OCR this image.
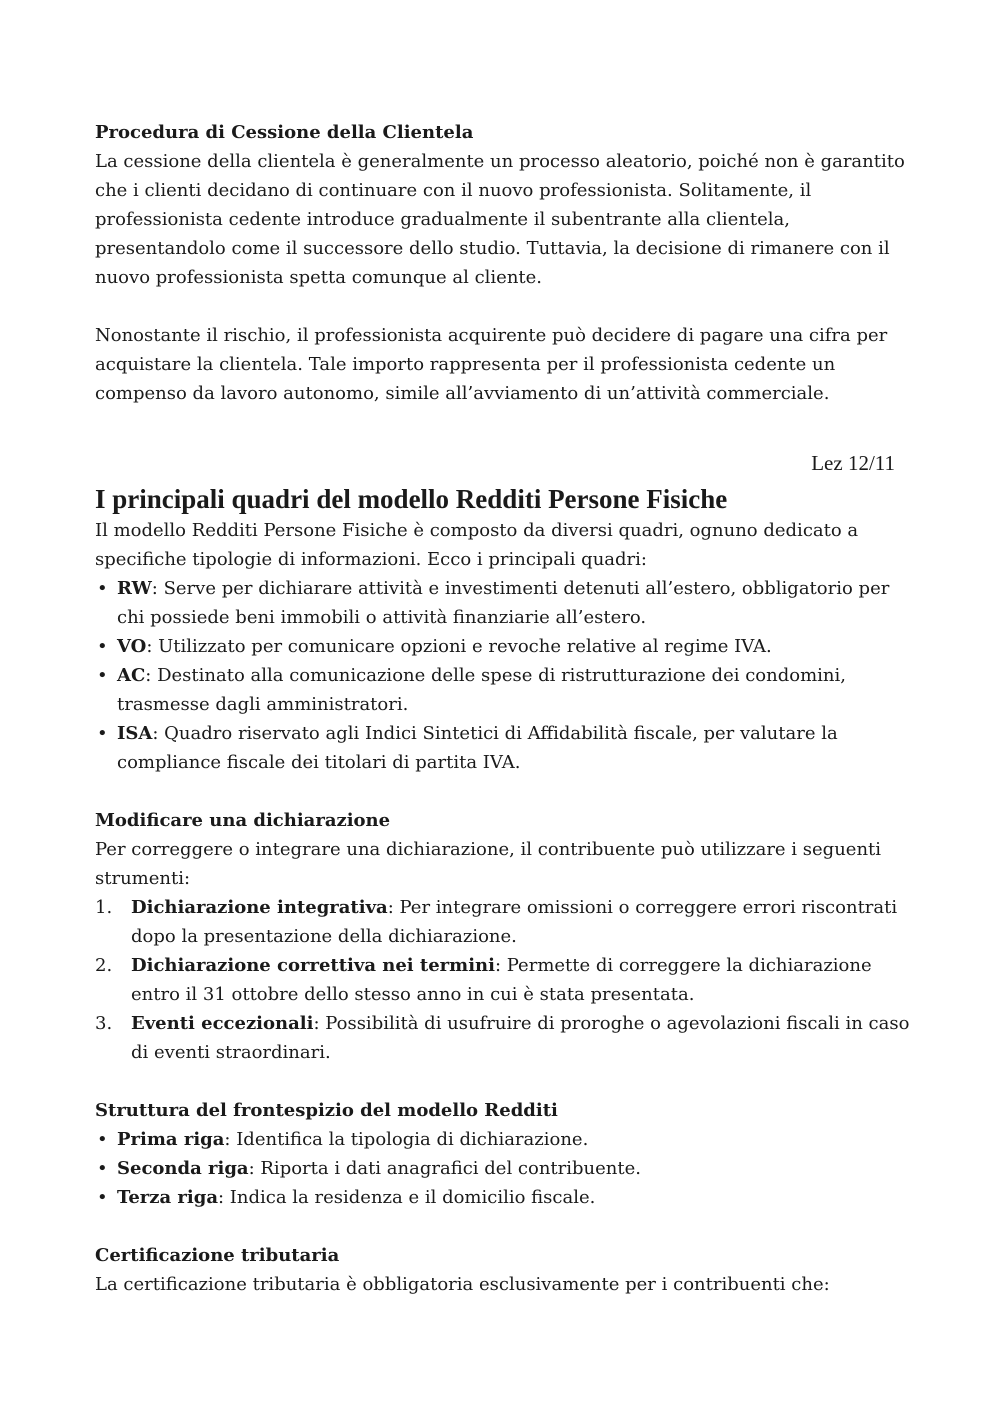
Procedura di Cessione della Clientela

La cessione della clientela è generalmente un processo aleatorio, poiché non è garantito che i clienti decidano di continuare con il nuovo professionista. Solitamente, il professionista cedente introduce gradualmente il subentrante alla clientela, presentandolo come il successore dello studio. Tuttavia, la decisione di rimanere con il nuovo professionista spetta comunque al cliente.

Nonostante il rischio, il professionista acquirente può decidere di pagare una cifra per acquistare la clientela. Tale importo rappresenta per il professionista cedente un compenso da lavoro autonomo, simile all’avviamento di un’attività commerciale.

Lez 12/11
I principali quadri del modello Redditi Persone Fisiche

Il modello Redditi Persone Fisiche è composto da diversi quadri, ognuno dedicato a specifiche tipologie di informazioni. Ecco i principali quadri:

• RW: Serve per dichiarare attività e investimenti detenuti all’estero, obbligatorio per chi possiede beni immobili o attività finanziarie all’estero.
• VO: Utilizzato per comunicare opzioni e revoche relative al regime IVA.
• AC: Destinato alla comunicazione delle spese di ristrutturazione dei condomini, trasmesse dagli amministratori.
• ISA: Quadro riservato agli Indici Sintetici di Affidabilità fiscale, per valutare la compliance fiscale dei titolari di partita IVA.
Modificare una dichiarazione

Per correggere o integrare una dichiarazione, il contribuente può utilizzare i seguenti strumenti:

1. Dichiarazione integrativa: Per integrare omissioni o correggere errori riscontrati dopo la presentazione della dichiarazione.
2. Dichiarazione correttiva nei termini: Permette di correggere la dichiarazione entro il 31 ottobre dello stesso anno in cui è stata presentata.
3. Eventi eccezionali: Possibilità di usufruire di proroghe o agevolazioni fiscali in caso di eventi straordinari.
Struttura del frontespizio del modello Redditi
• Prima riga: Identifica la tipologia di dichiarazione.
• Seconda riga: Riporta i dati anagrafici del contribuente.
• Terza riga: Indica la residenza e il domicilio fiscale.
Certificazione tributaria

La certificazione tributaria è obbligatoria esclusivamente per i contribuenti che:
